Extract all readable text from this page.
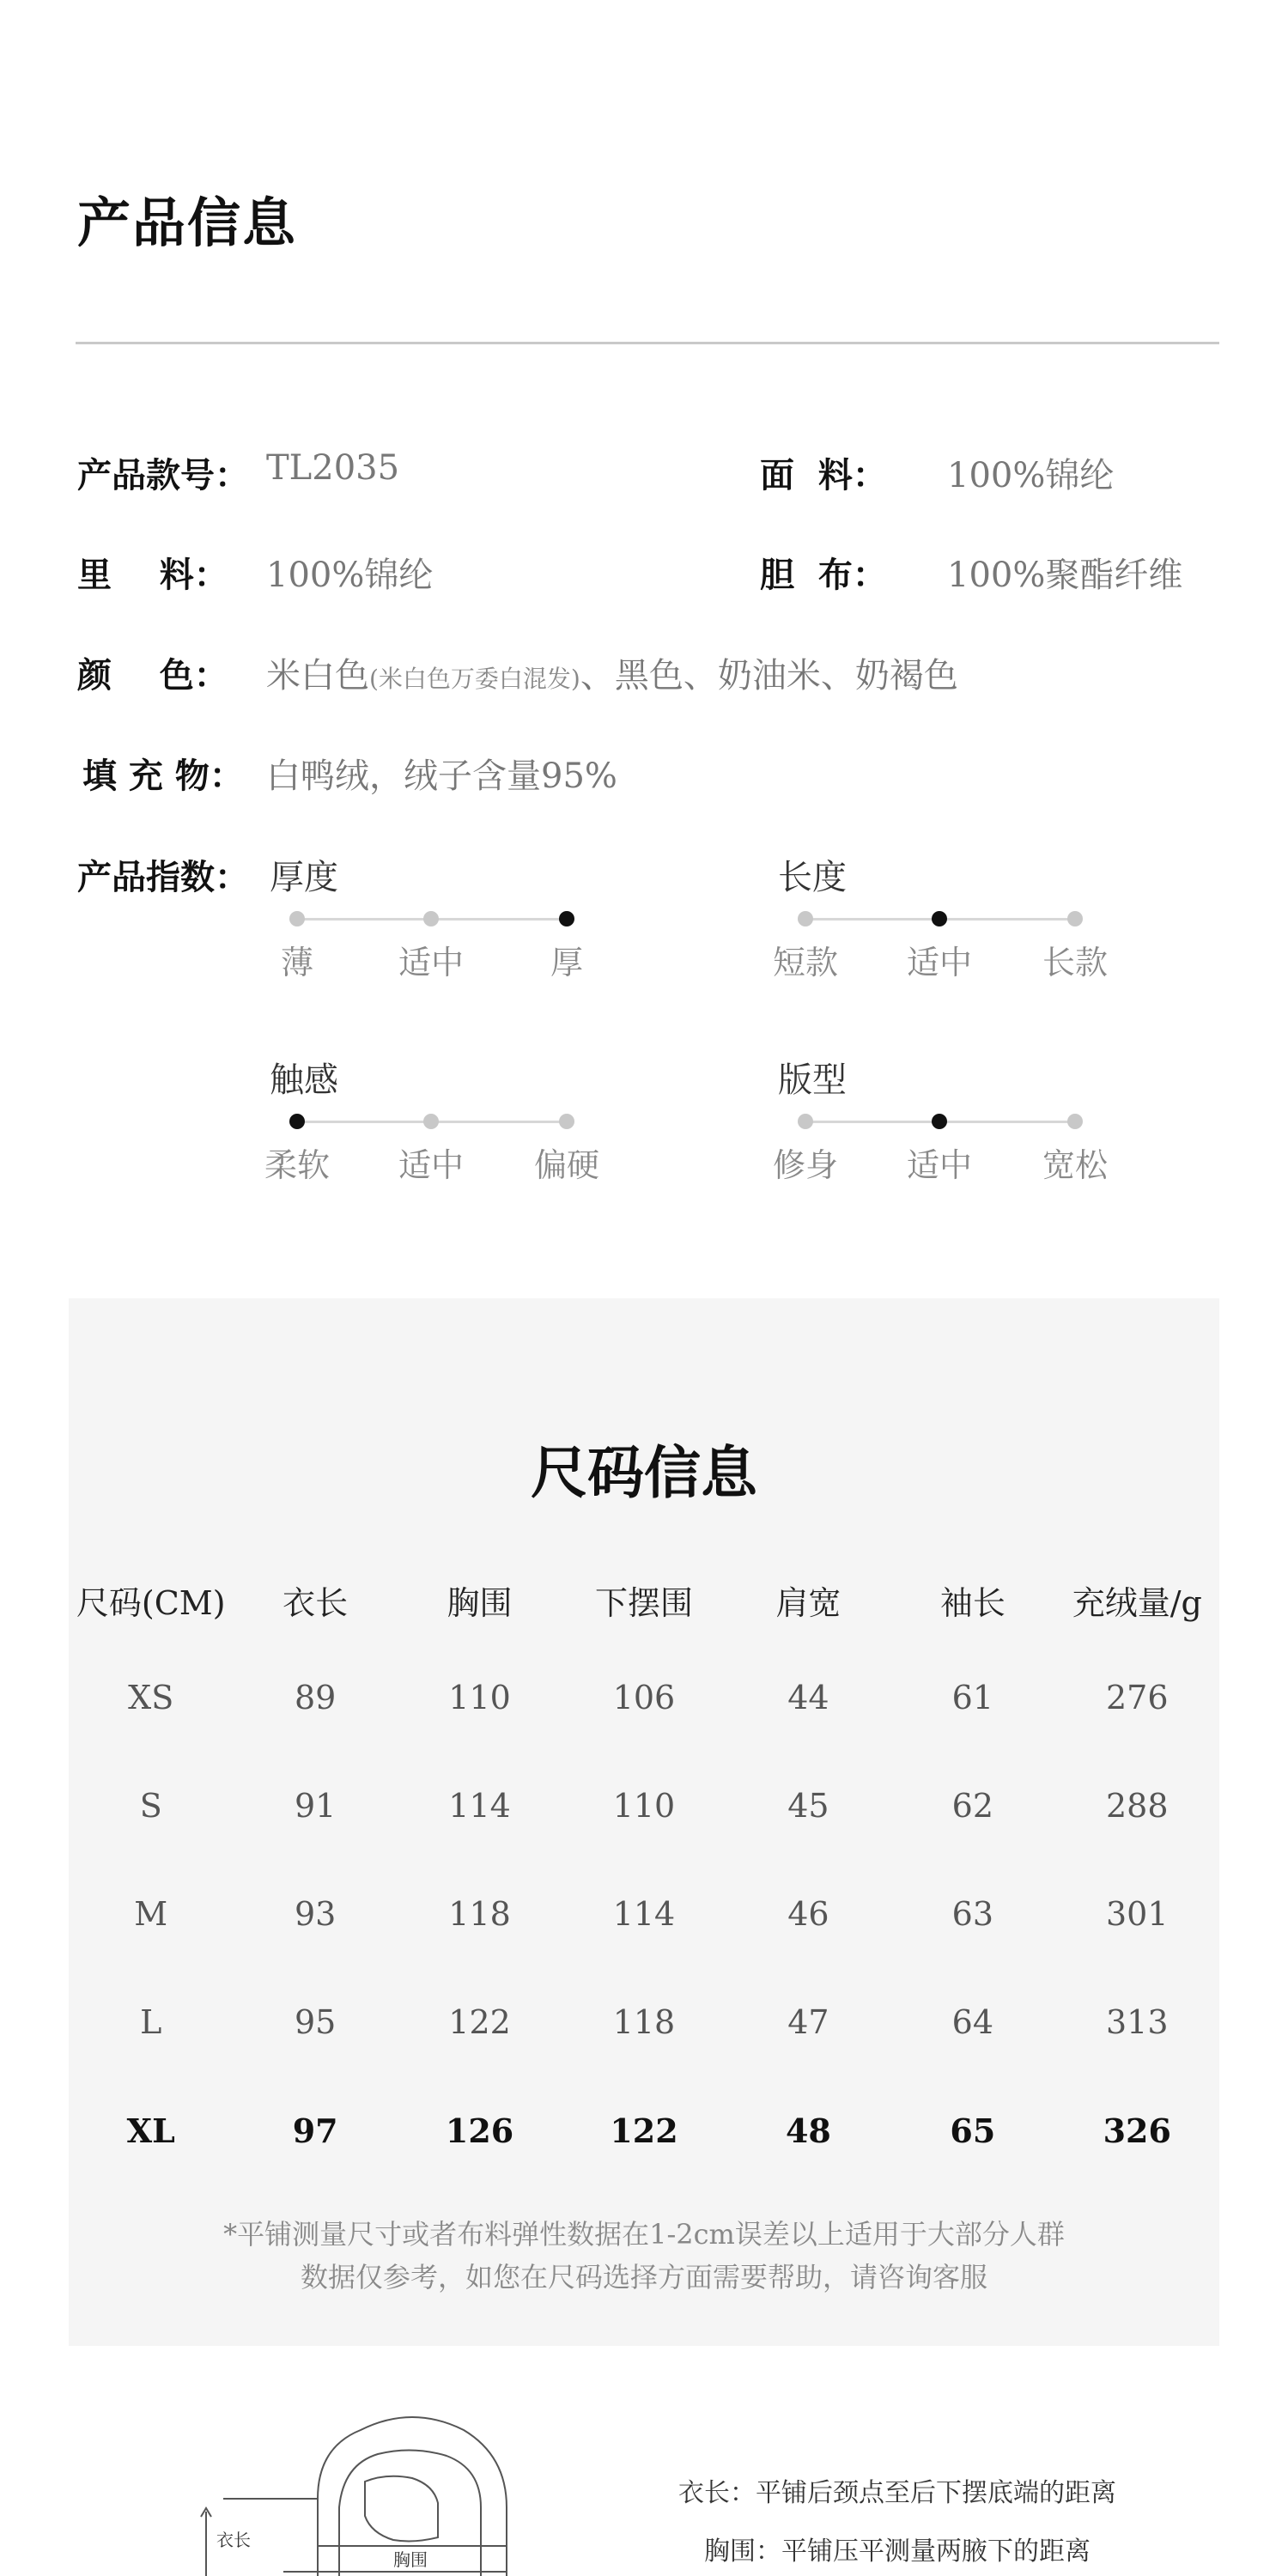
产品信息
产品款号： TL2035	面  料： 100%锦纶
里    料： 100%锦纶	胆  布： 100%聚酯纤维
颜    色： 米白色(米白色万委白混发)、黑色、奶油米、奶褐色
填 充 物： 白鸭绒，绒子含量95%
产品指数： 厚度
薄	适中	厚
长度
短款	适中	长款
触感
柔软	适中	偏硬
版型
修身	适中	宽松
尺码信息
尺码(CM)	衣长	胸围	下摆围	肩宽	袖长	充绒量/g
XS	89	110	106	44	61	276
S	91	114	110	45	62	288
M	93	118	114	46	63	301
L	95	122	118	47	64	313
XL	97	126	122	48	65	326
*平铺测量尺寸或者布料弹性数据在1-2cm误差以上适用于大部分人群
数据仅参考，如您在尺码选择方面需要帮助，请咨询客服
胸围
衣长
衣长：平铺后颈点至后下摆底端的距离
胸围：平铺压平测量两腋下的距离
